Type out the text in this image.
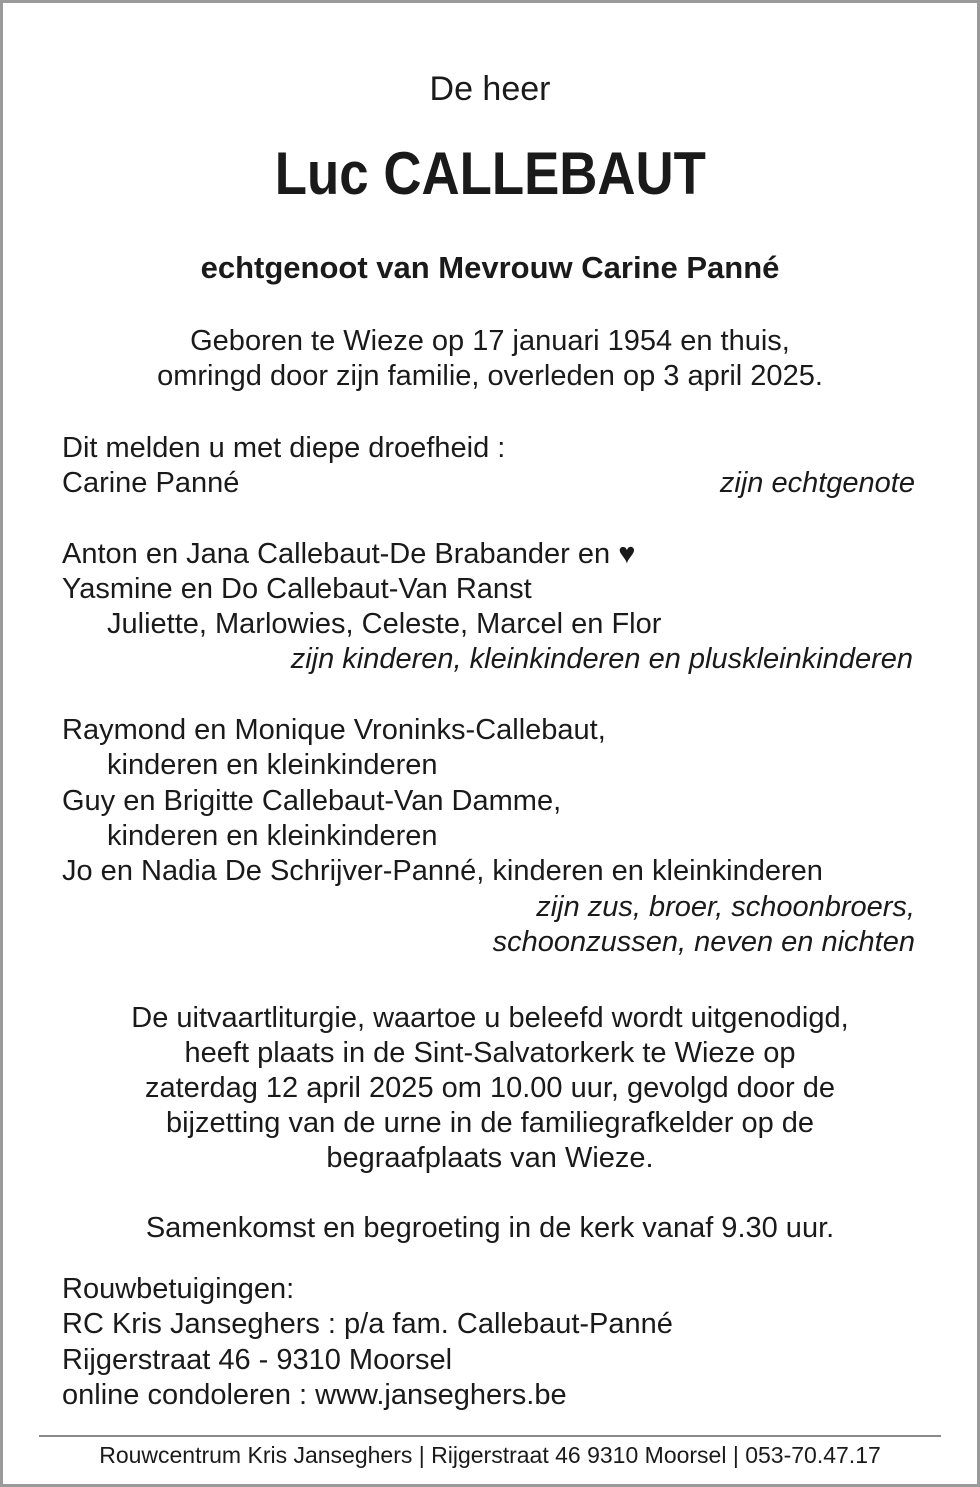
De heer
Luc CALLEBAUT
echtgenoot van Mevrouw Carine Panné
Geboren te Wieze op 17 januari 1954 en thuis,
omringd door zijn familie, overleden op 3 april 2025.
Dit melden u met diepe droefheid :
Carine Panné	zijn echtgenote
Anton en Jana Callebaut-De Brabander en ♥
Yasmine en Do Callebaut-Van Ranst
Juliette, Marlowies, Celeste, Marcel en Flor
zijn kinderen, kleinkinderen en pluskleinkinderen
Raymond en Monique Vroninks-Callebaut,
kinderen en kleinkinderen
Guy en Brigitte Callebaut-Van Damme,
kinderen en kleinkinderen
Jo en Nadia De Schrijver-Panné, kinderen en kleinkinderen
zijn zus, broer, schoonbroers,
schoonzussen, neven en nichten
De uitvaartliturgie, waartoe u beleefd wordt uitgenodigd,
heeft plaats in de Sint-Salvatorkerk te Wieze op
zaterdag 12 april 2025 om 10.00 uur, gevolgd door de
bijzetting van de urne in de familiegrafkelder op de
begraafplaats van Wieze.
Samenkomst en begroeting in de kerk vanaf 9.30 uur.
Rouwbetuigingen:
RC Kris Janseghers : p/a fam. Callebaut-Panné
Rijgerstraat 46 - 9310 Moorsel
online condoleren : www.janseghers.be
Rouwcentrum Kris Janseghers | Rijgerstraat 46 9310 Moorsel | 053-70.47.17
